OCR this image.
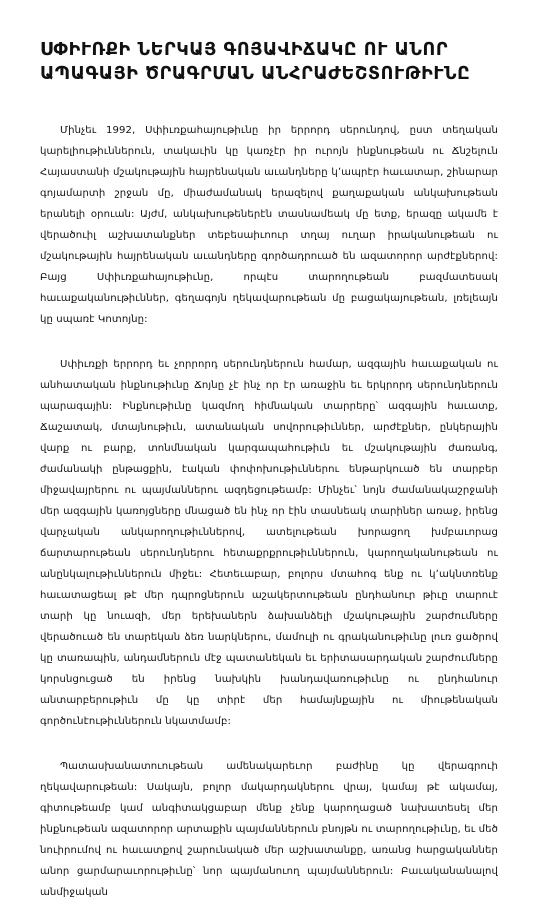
ՍՓԻՒՌՔԻ ՆԵՐԿԱՅ ԳՈՅԱՎԻՃԱԿԸ ՈՒ ԱՆՈՐ
ԱՊԱԳԱՅԻ ԾՐԱԳՐՄԱՆ ԱՆՀՐԱԺԵՇՏՈՒԹԻՒՆԸ

Մինչեւ 1992, Սփիւռքահայութիւնը իր երրորդ սերունդով, ըստ տեղական կարելիութիւններուն, տակաւին կը կառչէր իր ուրոյն ինքնութեան ու Ճնշելուն Հայաստանի մշակութային հայրենական աւանդները կ՚ապրէր հաւատար, շինարար գոյամարտի շրջան մը, միաժամանակ երազելով քաղաքական անկախութեան երանելի օրուան: Այժմ, անկախութեներէն տասնամեակ մը ետք, երազը ակամե է վերածուիլ աշխատանքներ տեբեսաիւոուր տղայ ուղար իրականութեան ու մշակութային հայրենական աւանդները գործադրուած են ազատորոր արժէքներով: Բայց Սփիւռքահայութիւնը, որպէս տարողութեան բազմատեսակ հաւաքականութիւններ, գեղագոյն ղեկավարութեան մը բացակայութեան, լռելեայն կը սպառէ Կոտոյնը:

Սփիւռքի երրորդ եւ չորրորդ սերունդներուն համար, ազգային հաւաքական ու անհատական ինքնութիւնը Ճոյնը չէ ինչ որ էր առաջին եւ երկրորդ սերունդներուն պարագային: Ինքնութիւնը կազմող հիմնական տարրերը՝ ազգային հաւատք, Ճաշատակ, մտայնութիւն, ատանական սովորութիւններ, արժէքներ, ընկերային վարք ու բարք, տոնմնական կարգապահութիւն եւ մշակութային ժառանգ, ժամանակի ընթացքին, էական փոփոխութիւններու ենթարկուած են տարբեր միջավայրերու ու պայմաններու ազդեցութեամբ: Մինչեւ՝ նոյն ժամանակաշրջանի մեր ազգային կառոյցները մնացած են ինչ որ էին տասնեակ տարիներ առաջ, իրենց վարչական անկարողութիւններով, ատելութեան խորացող խմբաւորաց ճարտարութեան սերունդներու հետաքրքրութիւններուն, կարողականութեան ու անընկալութիւններուն միջեւ: Հետեւաբար, բոլորս մտահոգ ենք ու կ՚ակնտռենք հաւատացեալ թէ մեր դպրոցներուն աշակերտութեան ընդհանուր թիւը տարուէ տարի կը նուազի, մեր երեխաներն ձախանձելի մշակութային շարժումները վերածուած են տարեկան ձեռ նարկներու, մամուլի ու գրականութիւնը լուռ ցածրով կը տառապին, անդամներուն մէջ պատանեկան եւ երիտասարդական շարժումները կորսնցուցած են իրենց նախկին խանդավառութիւնը ու ընդհանուր անտարբերութիւն մը կը տիրէ մեր համայնքային ու միութենական գործունէութիւններուն նկատմամբ:

Պատասխանատուութեան ամենակարեւոր բաժինը կը վերագրուի ղեկավարութեան: Սակայն, բոլոր մակարդակներու վրայ, կամայ թէ ակամայ, գիտութեամբ կամ անգիտակցաբար մենք չենք կարողացած նախատեսել մեր ինքնութեան ազատորոր արտաքին պայմաններուն բնոյթն ու տարողութիւնը, եւ մեծ նուիրումով ու հաւատքով շարունակած մեր աշխատանքը, առանց հարցականներ անոր ցարմարաւորութիւնը՝ նոր պայմանուող պայմաններուն: Բաւականանալով անմիջական
